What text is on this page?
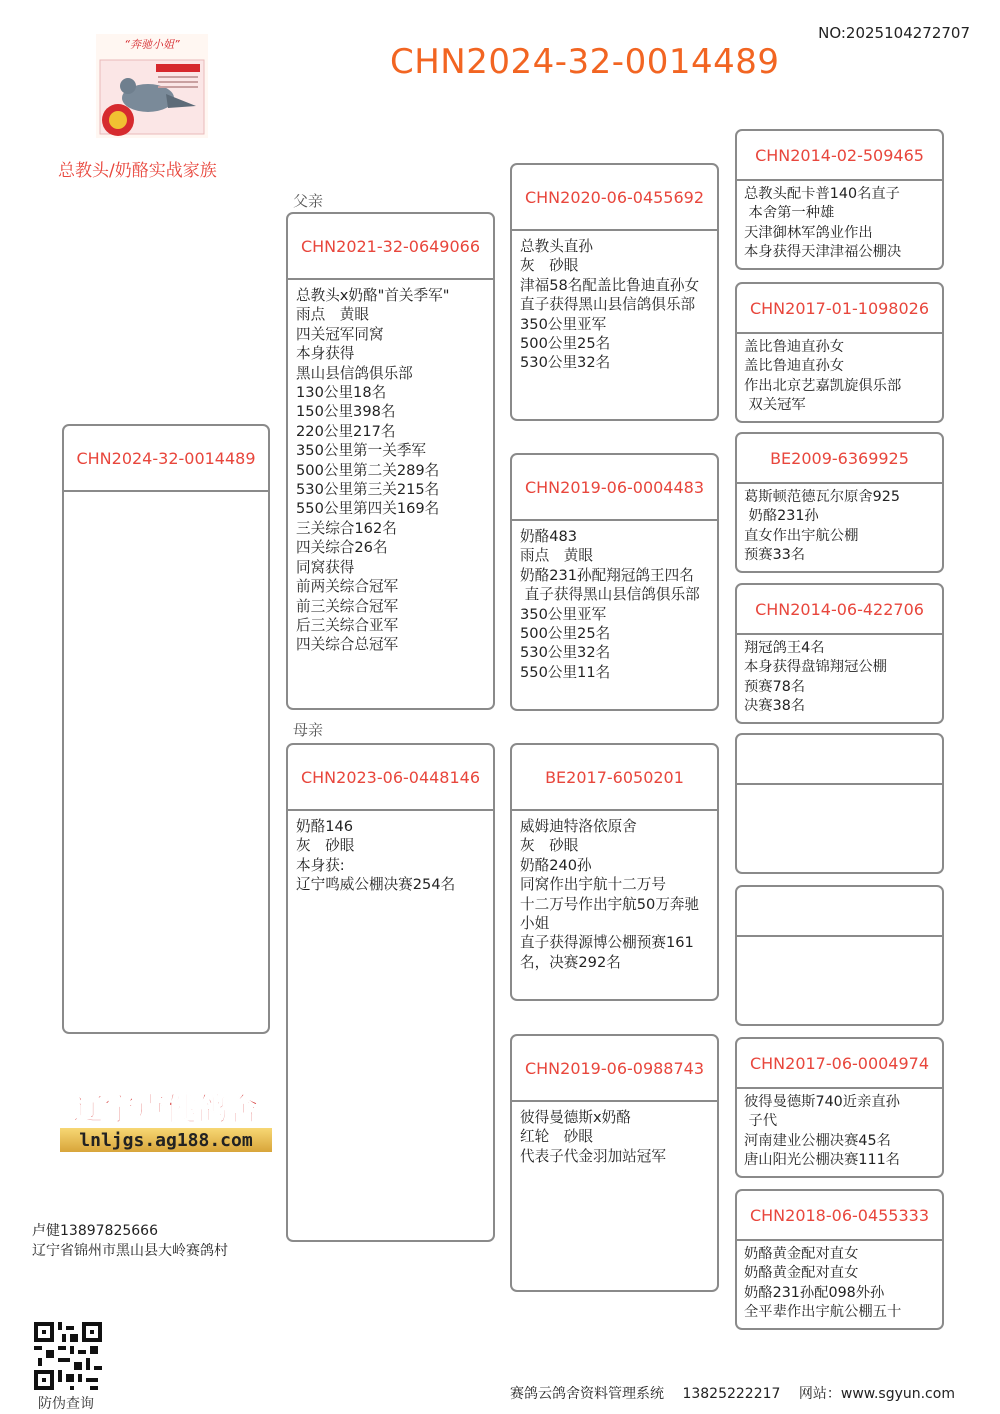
“奔驰小姐”	CHN2024-32-0014489
NO:2025104272707
总教头/奶酪实战家族
父亲
母亲
CHN2024-32-0014489
CHN2021-32-0649066
总教头x奶酪"首关季军"
雨点　黄眼
四关冠军同窝
本身获得
黑山县信鸽俱乐部
130公里18名
150公里398名
220公里217名
350公里第一关季军
500公里第二关289名
530公里第三关215名
550公里第四关169名
三关综合162名
四关综合26名
同窝获得
前两关综合冠军
前三关综合冠军
后三关综合亚军
四关综合总冠军
CHN2023-06-0448146
奶酪146
灰　砂眼
本身获:
辽宁鸣威公棚决赛254名
CHN2020-06-0455692
总教头直孙
灰　砂眼
津福58名配盖比鲁迪直孙女
直子获得黑山县信鸽俱乐部
350公里亚军
500公里25名
530公里32名
CHN2019-06-0004483
奶酪483
雨点　黄眼
奶酪231孙配翔冠鸽王四名
直子获得黑山县信鸽俱乐部
350公里亚军
500公里25名
530公里32名
550公里11名
BE2017-6050201
威姆迪特洛依原舍
灰　砂眼
奶酪240孙
同窝作出宇航十二万号
十二万号作出宇航50万奔驰小姐
直子获得源博公棚预赛161名，决赛292名
CHN2019-06-0988743
彼得曼德斯x奶酪
红轮　砂眼
代表子代金羽加站冠军
CHN2014-02-509465
总教头配卡普140名直子
本舍第一种雄
天津御林军鸽业作出
本身获得天津津福公棚决
CHN2017-01-1098026
盖比鲁迪直孙女
盖比鲁迪直孙女
作出北京艺嘉凯旋俱乐部
双关冠军
BE2009-6369925
葛斯顿范德瓦尔原舍925
奶酪231孙
直女作出宇航公棚
预赛33名
CHN2014-06-422706
翔冠鸽王4名
本身获得盘锦翔冠公棚
预赛78名
决赛38名
CHN2017-06-0004974
彼得曼德斯740近亲直孙
子代
河南建业公棚决赛45名
唐山阳光公棚决赛111名
CHN2018-06-0455333
奶酪黄金配对直女
奶酪黄金配对直女
奶酪231孙配098外孙
全平辈作出宇航公棚五十
辽宁卢健鸽舍
lnljgs.ag188.com
卢健13897825666
辽宁省锦州市黑山县大岭赛鸽村
防伪查询
赛鸽云鸽舍资料管理系统　 13825222217　 网站：www.sgyun.com
